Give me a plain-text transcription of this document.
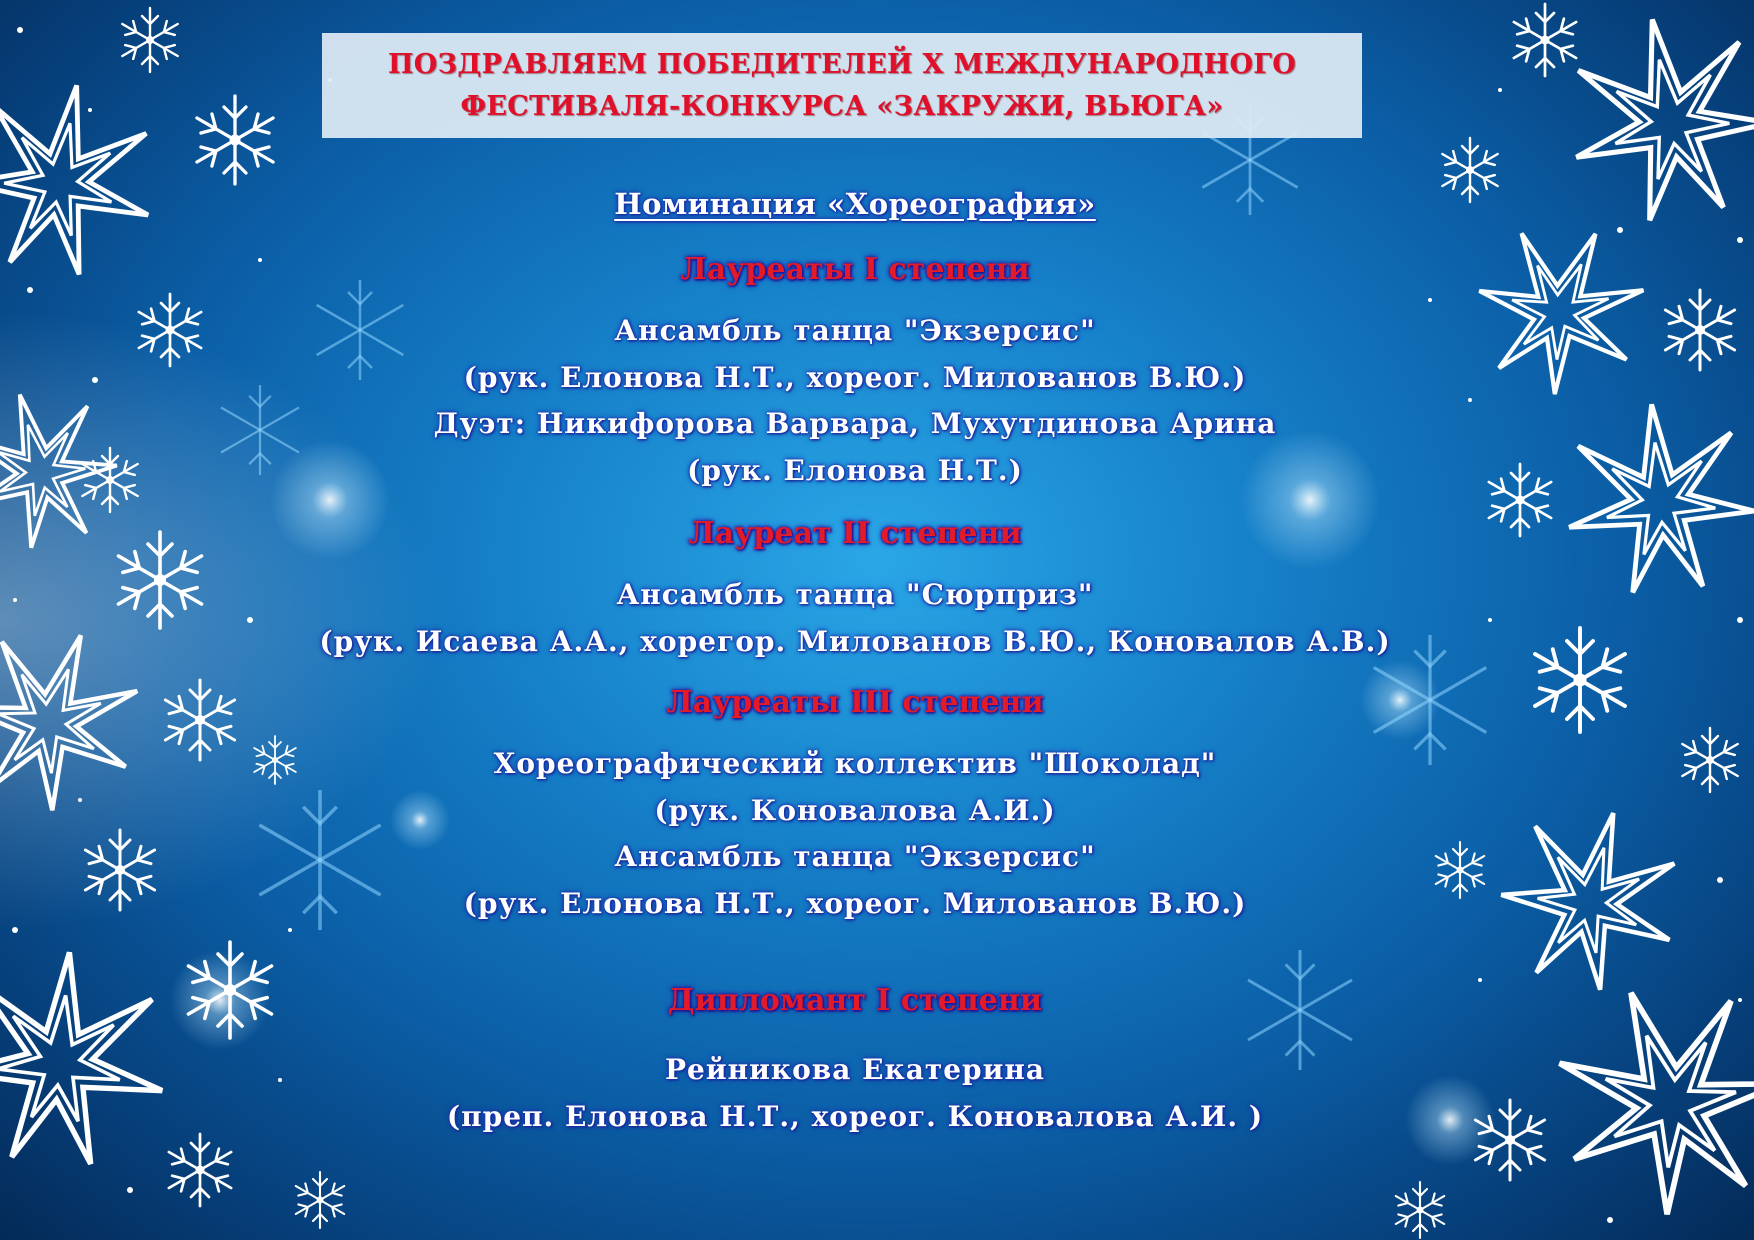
ПОЗДРАВЛЯЕМ ПОБЕДИТЕЛЕЙ X МЕЖДУНАРОДНОГО
ФЕСТИВАЛЯ-КОНКУРСА «ЗАКРУЖИ, ВЬЮГА»
Номинация «Хореография»
Лауреаты I степени
Ансамбль танца "Экзерсис"
(рук. Елонова Н.Т., хореог. Милованов В.Ю.)
Дуэт: Никифорова Варвара, Мухутдинова Арина
(рук. Елонова Н.Т.)
Лауреат II степени
Ансамбль танца "Сюрприз"
(рук. Исаева А.А., хорегор. Милованов В.Ю., Коновалов А.В.)
Лауреаты III степени
Хореографический коллектив "Шоколад"
(рук. Коновалова А.И.)
Ансамбль танца "Экзерсис"
(рук. Елонова Н.Т., хореог. Милованов В.Ю.)
Дипломант I степени
Рейникова Екатерина
(преп. Елонова Н.Т., хореог. Коновалова А.И. )
